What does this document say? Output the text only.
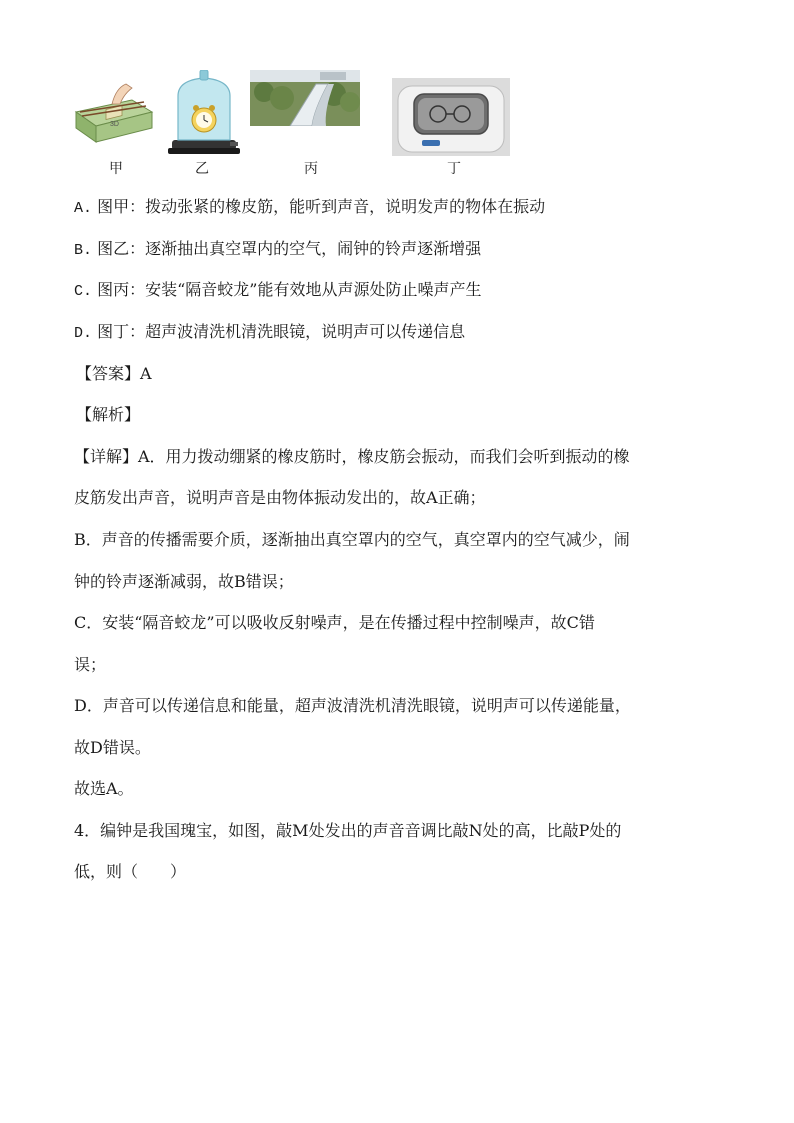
3D
甲	乙	丙	丁
A. 图甲：拨动张紧的橡皮筋，能听到声音，说明发声的物体在振动
B. 图乙：逐渐抽出真空罩内的空气，闹钟的铃声逐渐增强
C. 图丙：安装“隔音蛟龙”能有效地从声源处防止噪声产生
D. 图丁：超声波清洗机清洗眼镜，说明声可以传递信息
【答案】A
【解析】
【详解】A．用力拨动绷紧的橡皮筋时，橡皮筋会振动，而我们会听到振动的橡
皮筋发出声音，说明声音是由物体振动发出的，故A正确；
B．声音的传播需要介质，逐渐抽出真空罩内的空气，真空罩内的空气减少，闹
钟的铃声逐渐减弱，故B错误；
C．安装“隔音蛟龙”可以吸收反射噪声，是在传播过程中控制噪声，故C错
误；
D．声音可以传递信息和能量，超声波清洗机清洗眼镜，说明声可以传递能量，
故D错误。
故选A。
4．编钟是我国瑰宝，如图，敲M处发出的声音音调比敲N处的高，比敲P处的
低，则（　　）
